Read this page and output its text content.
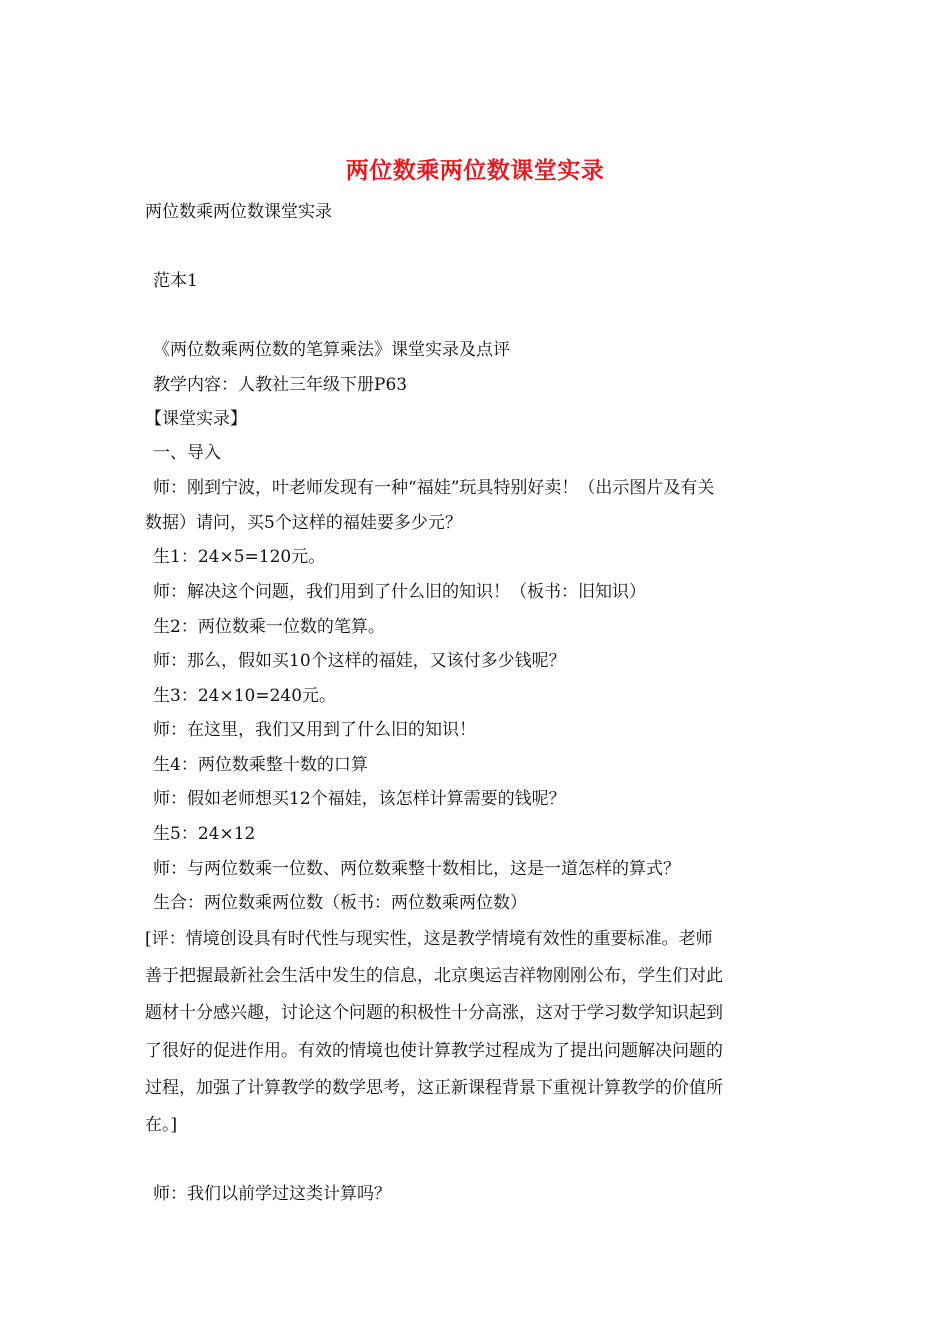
两位数乘两位数课堂实录
两位数乘两位数课堂实录
范本1
《两位数乘两位数的笔算乘法》课堂实录及点评
教学内容：人教社三年级下册P63
【课堂实录】
一、导入
师：刚到宁波，叶老师发现有一种“福娃”玩具特别好卖！（出示图片及有关
数据）请问，买5个这样的福娃要多少元？
生1：24×5=120元。
师：解决这个问题，我们用到了什么旧的知识！（板书：旧知识）
生2：两位数乘一位数的笔算。
师：那么，假如买10个这样的福娃，又该付多少钱呢？
生3：24×10=240元。
师：在这里，我们又用到了什么旧的知识！
生4：两位数乘整十数的口算
师：假如老师想买12个福娃，该怎样计算需要的钱呢？
生5：24×12
师：与两位数乘一位数、两位数乘整十数相比，这是一道怎样的算式？
生合：两位数乘两位数（板书：两位数乘两位数）
[评：情境创设具有时代性与现实性，这是教学情境有效性的重要标准。老师
善于把握最新社会生活中发生的信息，北京奥运吉祥物刚刚公布，学生们对此
题材十分感兴趣，讨论这个问题的积极性十分高涨，这对于学习数学知识起到
了很好的促进作用。有效的情境也使计算教学过程成为了提出问题解决问题的
过程，加强了计算教学的数学思考，这正新课程背景下重视计算教学的价值所
在。]
师：我们以前学过这类计算吗？
